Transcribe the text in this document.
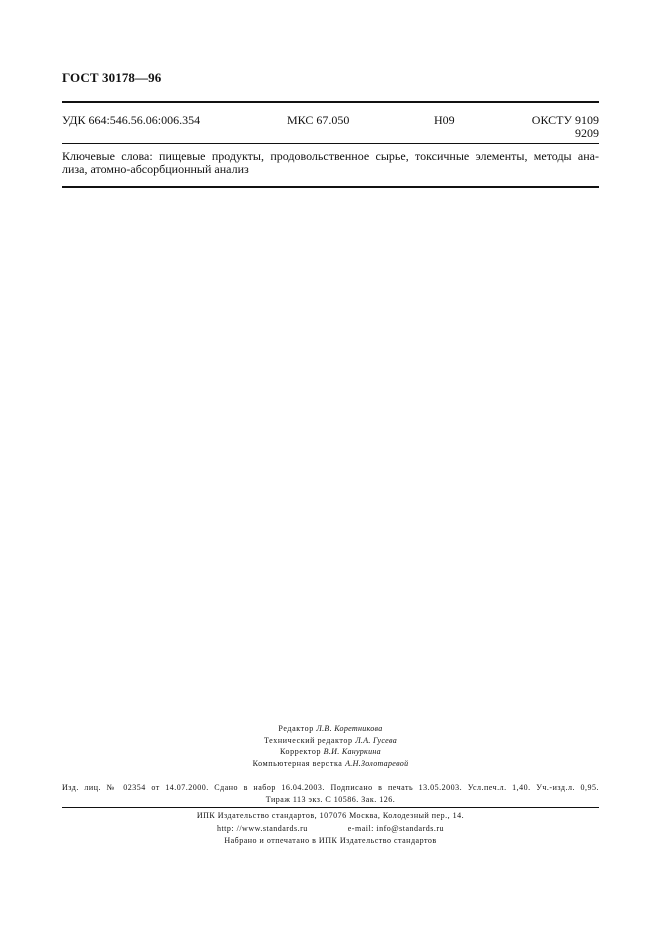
ГОСТ 30178—96
УДК 664:546.56.06:006.354	МКС 67.050	Н09	ОКСТУ 9109
9209
Ключевые слова: пищевые продукты, продовольственное сырье, токсичные элементы, методы ана-
лиза, атомно-абсорбционный анализ
Редактор Л.В. Коретникова
Технический редактор Л.А. Гусева
Корректор В.И. Кануркина
Компьютерная верстка А.Н.Золотаревой
Изд. лиц. № 02354 от 14.07.2000. Сдано в набор 16.04.2003. Подписано в печать 13.05.2003. Усл.печ.л. 1,40. Уч.-изд.л. 0,95.
Тираж 113 экз. С 10586. Зак. 126.
ИПК Издательство стандартов, 107076 Москва, Колодезный пер., 14.
http: //www.standards.ru	e-mail: info@standards.ru
Набрано и отпечатано в ИПК Издательство стандартов
